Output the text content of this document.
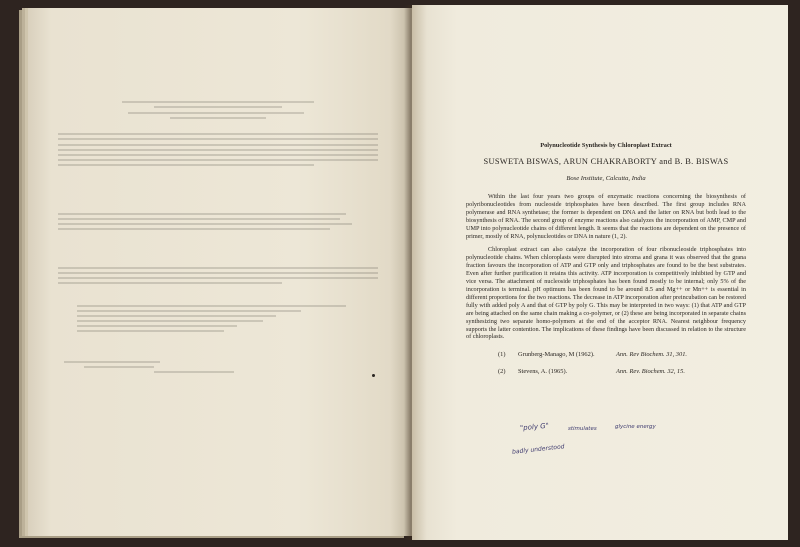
Polynucleotide Synthesis by Chloroplast Extract
SUSWETA BISWAS, ARUN CHAKRABORTY and B. B. BISWAS
Bose Institute, Calcutta, India

Within the last four years two groups of enzymatic reactions concerning the biosynthesis of polyribonucleotides from nucleoside triphosphates have been described. The first group includes RNA polymerase and RNA synthetase; the former is dependent on DNA and the latter on RNA but both lead to the biosynthesis of RNA. The second group of enzyme reactions also catalyzes the incorporation of AMP, CMP and UMP into polynucleotide chains of different length. It seems that the reactions are dependent on the presence of primer, mostly of RNA, polynucleotides or DNA in nature (1, 2).

Chloroplast extract can also catalyze the incorporation of four ribonucleoside triphosphates into polynucleotide chains. When chloroplasts were disrupted into stroma and grana it was observed that the grana fraction favours the incorporation of ATP and GTP only and triphosphates are found to be the best substrates. Even after further purification it retains this activity. ATP incorporation is competitively inhibited by GTP and vice versa. The attachment of nucleoside triphosphates has been found mostly to be internal; only 5% of the incorporation is terminal. pH optimum has been found to be around 8.5 and Mg++ or Mn++ is essential in different proportions for the two reactions. The decrease in ATP incorporation after preincubation can be restored fully with added poly A and that of GTP by poly G. This may be interpreted in two ways: (1) that ATP and GTP are being attached on the same chain making a co-polymer, or (2) these are being incorporated in separate chains synthesizing two separate homo-polymers at the end of the acceptor RNA. Nearest neighbour frequency supports the latter contention. The implications of these findings have been discussed in relation to the structure of chloroplasts.

(1) Grunberg-Manago, M (1962).	Ann. Rev Biochem. 31, 301.
(2) Stevens, A. (1965).	Ann. Rev. Biochem. 32, 15.
"poly G"	stimulates	glycine energy
badly understood
